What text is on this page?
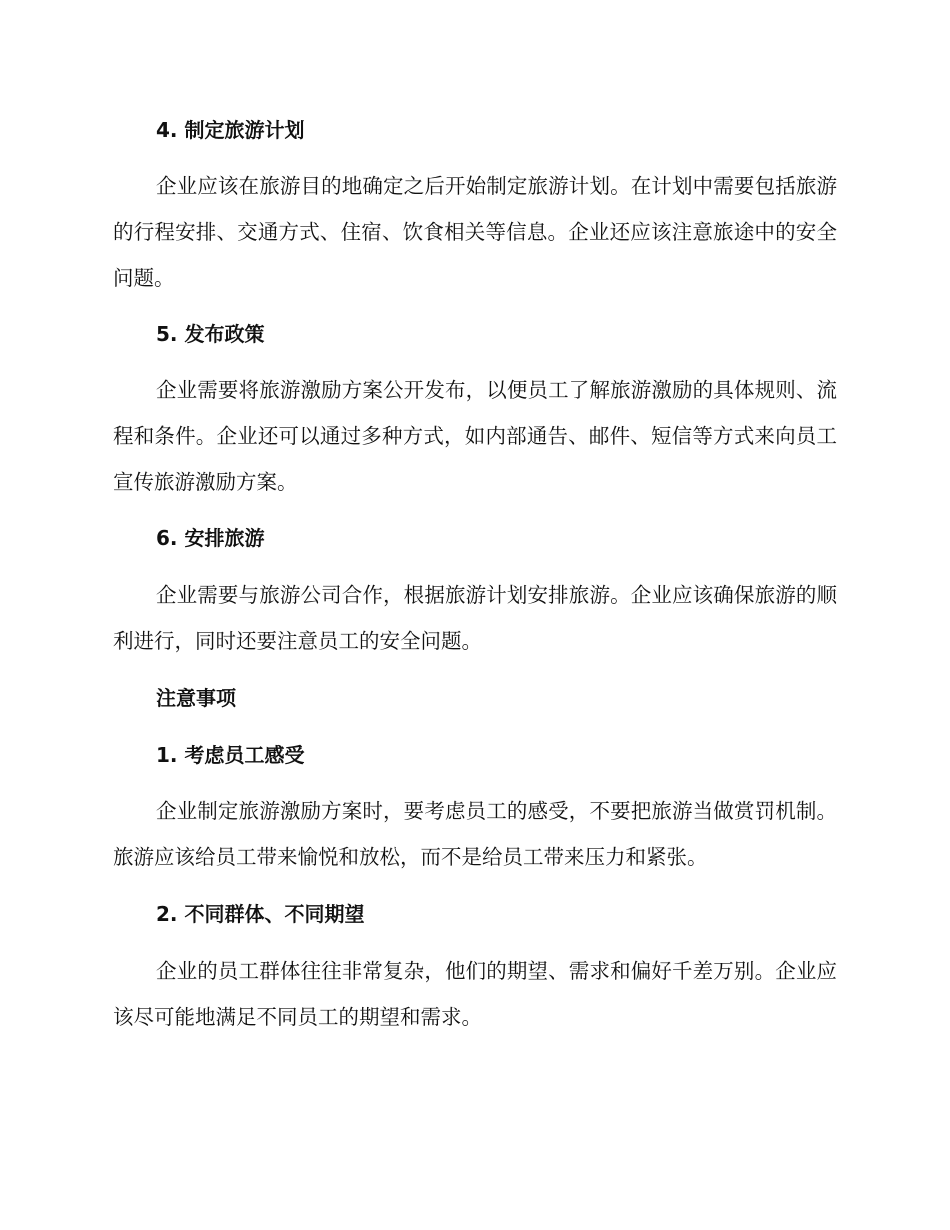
4. 制定旅游计划

企业应该在旅游目的地确定之后开始制定旅游计划。在计划中需要包括旅游的行程安排、交通方式、住宿、饮食相关等信息。企业还应该注意旅途中的安全问题。

5. 发布政策

企业需要将旅游激励方案公开发布，以便员工了解旅游激励的具体规则、流程和条件。企业还可以通过多种方式，如内部通告、邮件、短信等方式来向员工宣传旅游激励方案。

6. 安排旅游

企业需要与旅游公司合作，根据旅游计划安排旅游。企业应该确保旅游的顺利进行，同时还要注意员工的安全问题。

注意事项
1. 考虑员工感受

企业制定旅游激励方案时，要考虑员工的感受，不要把旅游当做赏罚机制。旅游应该给员工带来愉悦和放松，而不是给员工带来压力和紧张。

2. 不同群体、不同期望

企业的员工群体往往非常复杂，他们的期望、需求和偏好千差万别。企业应该尽可能地满足不同员工的期望和需求。
